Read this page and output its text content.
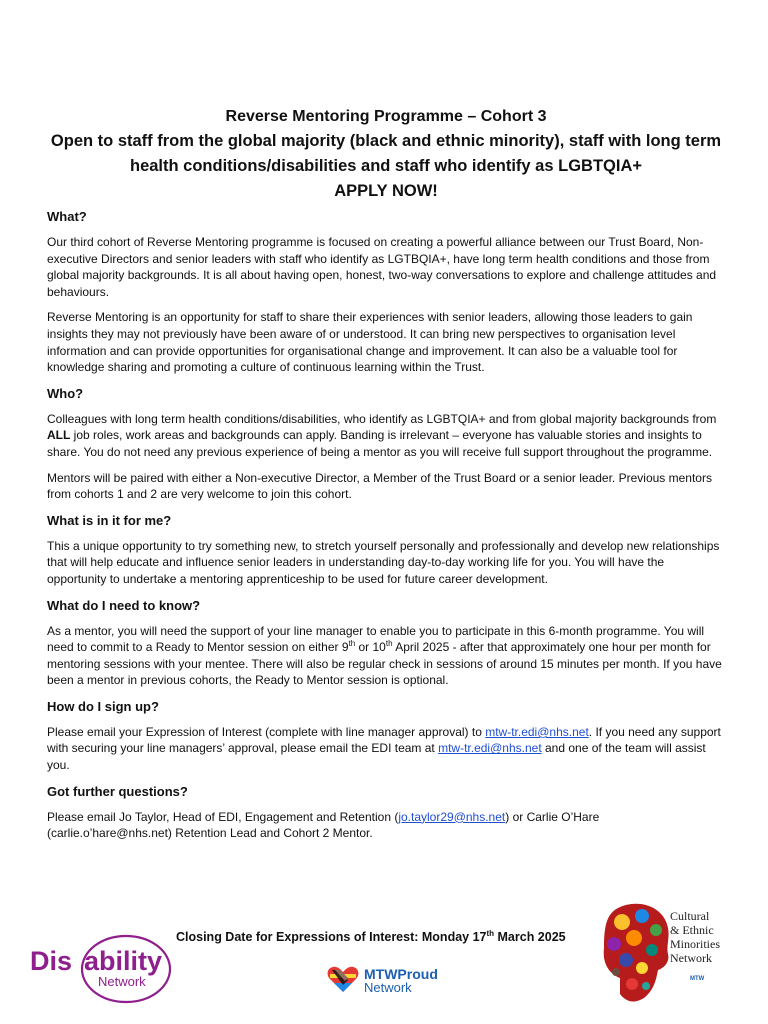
Reverse Mentoring Programme – Cohort 3
Open to staff from the global majority (black and ethnic minority), staff with long term health conditions/disabilities and staff who identify as LGBTQIA+
APPLY NOW!
What?

Our third cohort of Reverse Mentoring programme is focused on creating a powerful alliance between our Trust Board, Non-executive Directors and senior leaders with staff who identify as LGTBQIA+, have long term health conditions and those from global majority backgrounds. It is all about having open, honest, two-way conversations to explore and challenge attitudes and behaviours.

Reverse Mentoring is an opportunity for staff to share their experiences with senior leaders, allowing those leaders to gain insights they may not previously have been aware of or understood. It can bring new perspectives to organisation level information and can provide opportunities for organisational change and improvement. It can also be a valuable tool for knowledge sharing and promoting a culture of continuous learning within the Trust.

Who?

Colleagues with long term health conditions/disabilities, who identify as LGBTQIA+ and from global majority backgrounds from ALL job roles, work areas and backgrounds can apply. Banding is irrelevant – everyone has valuable stories and insights to share. You do not need any previous experience of being a mentor as you will receive full support throughout the programme.

Mentors will be paired with either a Non-executive Director, a Member of the Trust Board or a senior leader. Previous mentors from cohorts 1 and 2 are very welcome to join this cohort.

What is in it for me?

This a unique opportunity to try something new, to stretch yourself personally and professionally and develop new relationships that will help educate and influence senior leaders in understanding day-to-day working life for you. You will have the opportunity to undertake a mentoring apprenticeship to be used for future career development.

What do I need to know?

As a mentor, you will need the support of your line manager to enable you to participate in this 6-month programme. You will need to commit to a Ready to Mentor session on either 9th or 10th April 2025 - after that approximately one hour per month for mentoring sessions with your mentee. There will also be regular check in sessions of around 15 minutes per month. If you have been a mentor in previous cohorts, the Ready to Mentor session is optional.

How do I sign up?

Please email your Expression of Interest (complete with line manager approval) to mtw-tr.edi@nhs.net. If you need any support with securing your line managers’ approval, please email the EDI team at mtw-tr.edi@nhs.net and one of the team will assist you.

Got further questions?

Please email Jo Taylor, Head of EDI, Engagement and Retention (jo.taylor29@nhs.net) or Carlie O’Hare (carlie.o’hare@nhs.net) Retention Lead and Cohort 2 Mentor.

Closing Date for Expressions of Interest: Monday 17th March 2025
Dis ability
Network	MTWProud
Network
Cultural
& Ethnic
Minorities
Network
MTW
